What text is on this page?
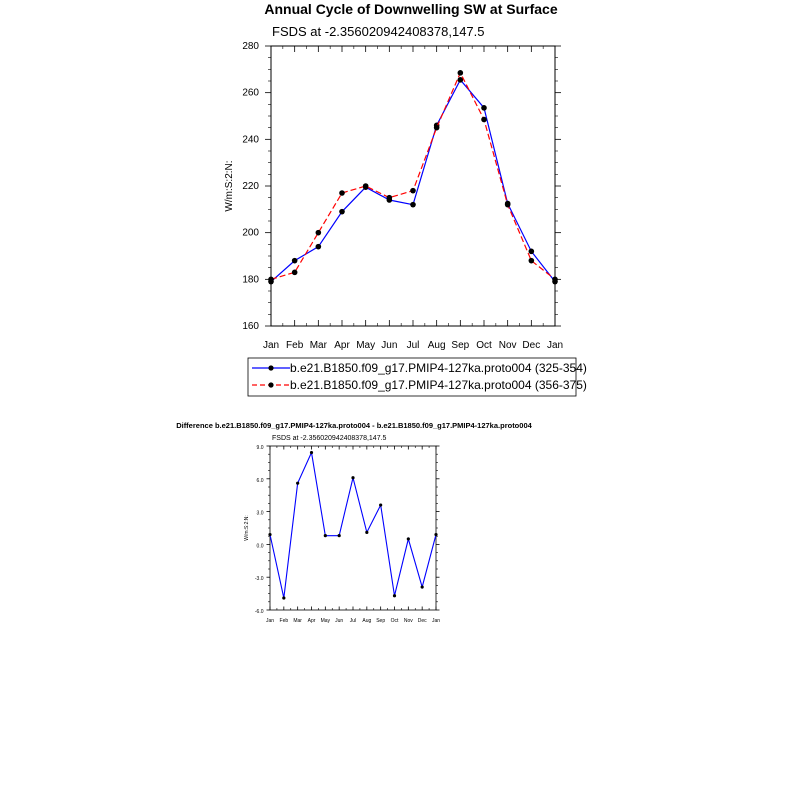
Annual Cycle of Downwelling SW at Surface
FSDS at -2.356020942408378,147.5
W/m:S:2:N:
Jan Feb Mar Apr May Jun Jul Aug Sep Oct Nov Dec Jan
160
180
200
220
240
260
280
b.e21.B1850.f09_g17.PMIP4-127ka.proto004 (325-354)
b.e21.B1850.f09_g17.PMIP4-127ka.proto004 (356-375)
Difference b.e21.B1850.f09_g17.PMIP4-127ka.proto004 - b.e21.B1850.f09_g17.PMIP4-127ka.proto004
FSDS at -2.356020942408378,147.5
W/m:S:2:N:
Jan Feb Mar Apr May Jun Jul Aug Sep Oct Nov Dec Jan
-6.0
-3.0
0.0
3.0
6.0
9.0
